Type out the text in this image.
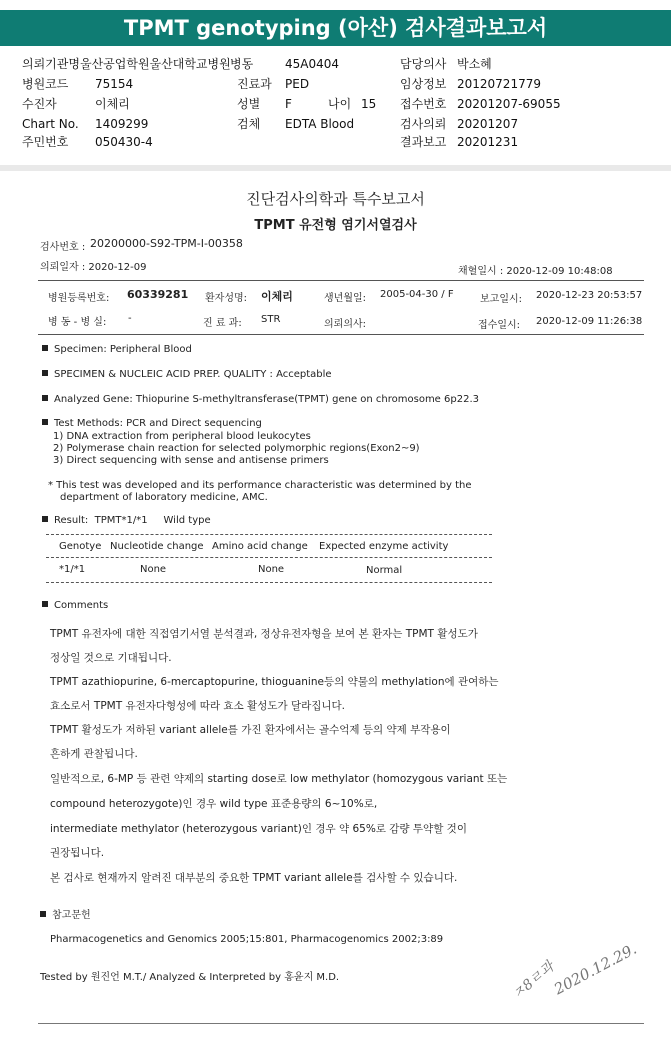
TPMT genotyping (아산) 검사결과보고서
의뢰기관명 울산공업학원울산대학교병원 병동	45A0404	담당의사 박소혜
병원코드 75154	진료과 PED	임상정보 20120721779
수진자	이체리	성별 F	나이 15 접수번호 20201207-69055
Chart No. 1409299	검체 EDTA Blood	검사의뢰 20201207
주민번호 050430-4	결과보고 20201231
진단검사의학과 특수보고서
TPMT 유전형 염기서열검사
검사번호 : 20200000-S92-TPM-I-00358
의뢰일자 : 2020-12-09	채혈일시 : 2020-12-09 10:48:08
병원등록번호: 60339281 환자성명: 이체리	생년월일: 2005-04-30 / F	보고일시: 2020-12-23 20:53:57
병 동 - 병 실: -	진 료 과: STR	의뢰의사:	접수일시: 2020-12-09 11:26:38
Specimen: Peripheral Blood
SPECIMEN & NUCLEIC ACID PREP. QUALITY : Acceptable
Analyzed Gene: Thiopurine S-methyltransferase(TPMT) gene on chromosome 6p22.3
Test Methods: PCR and Direct sequencing
1) DNA extraction from peripheral blood leukocytes
2) Polymerase chain reaction for selected polymorphic regions(Exon2~9)
3) Direct sequencing with sense and antisense primers
* This test was developed and its performance characteristic was determined by the
department of laboratory medicine, AMC.
Result: TPMT*1/*1 Wild type
Genotye Nucleotide change Amino acid change Expected enzyme activity
*1/*1	None	None	Normal
Comments
TPMT 유전자에 대한 직접염기서열 분석결과, 정상유전자형을 보여 본 환자는 TPMT 활성도가
정상일 것으로 기대됩니다.
TPMT azathiopurine, 6-mercaptopurine, thioguanine등의 약물의 methylation에 관여하는
효소로서 TPMT 유전자다형성에 따라 효소 활성도가 달라집니다.
TPMT 활성도가 저하된 variant allele를 가진 환자에서는 골수억제 등의 약제 부작용이
흔하게 관찰됩니다.
일반적으로, 6-MP 등 관련 약제의 starting dose로 low methylator (homozygous variant 또는
compound heterozygote)인 경우 wild type 표준용량의 6~10%로,
intermediate methylator (heterozygous variant)인 경우 약 65%로 감량 투약할 것이
권장됩니다.
본 검사로 현재까지 알려진 대부분의 중요한 TPMT variant allele를 검사할 수 있습니다.
참고문헌
Pharmacogenetics and Genomics 2005;15:801, Pharmacogenomics 2002;3:89
Tested by 원진언 M.T./ Analyzed & Interpreted by 홍윤지 M.D.	ㅈ8ㄹ과
2020.12.29.
